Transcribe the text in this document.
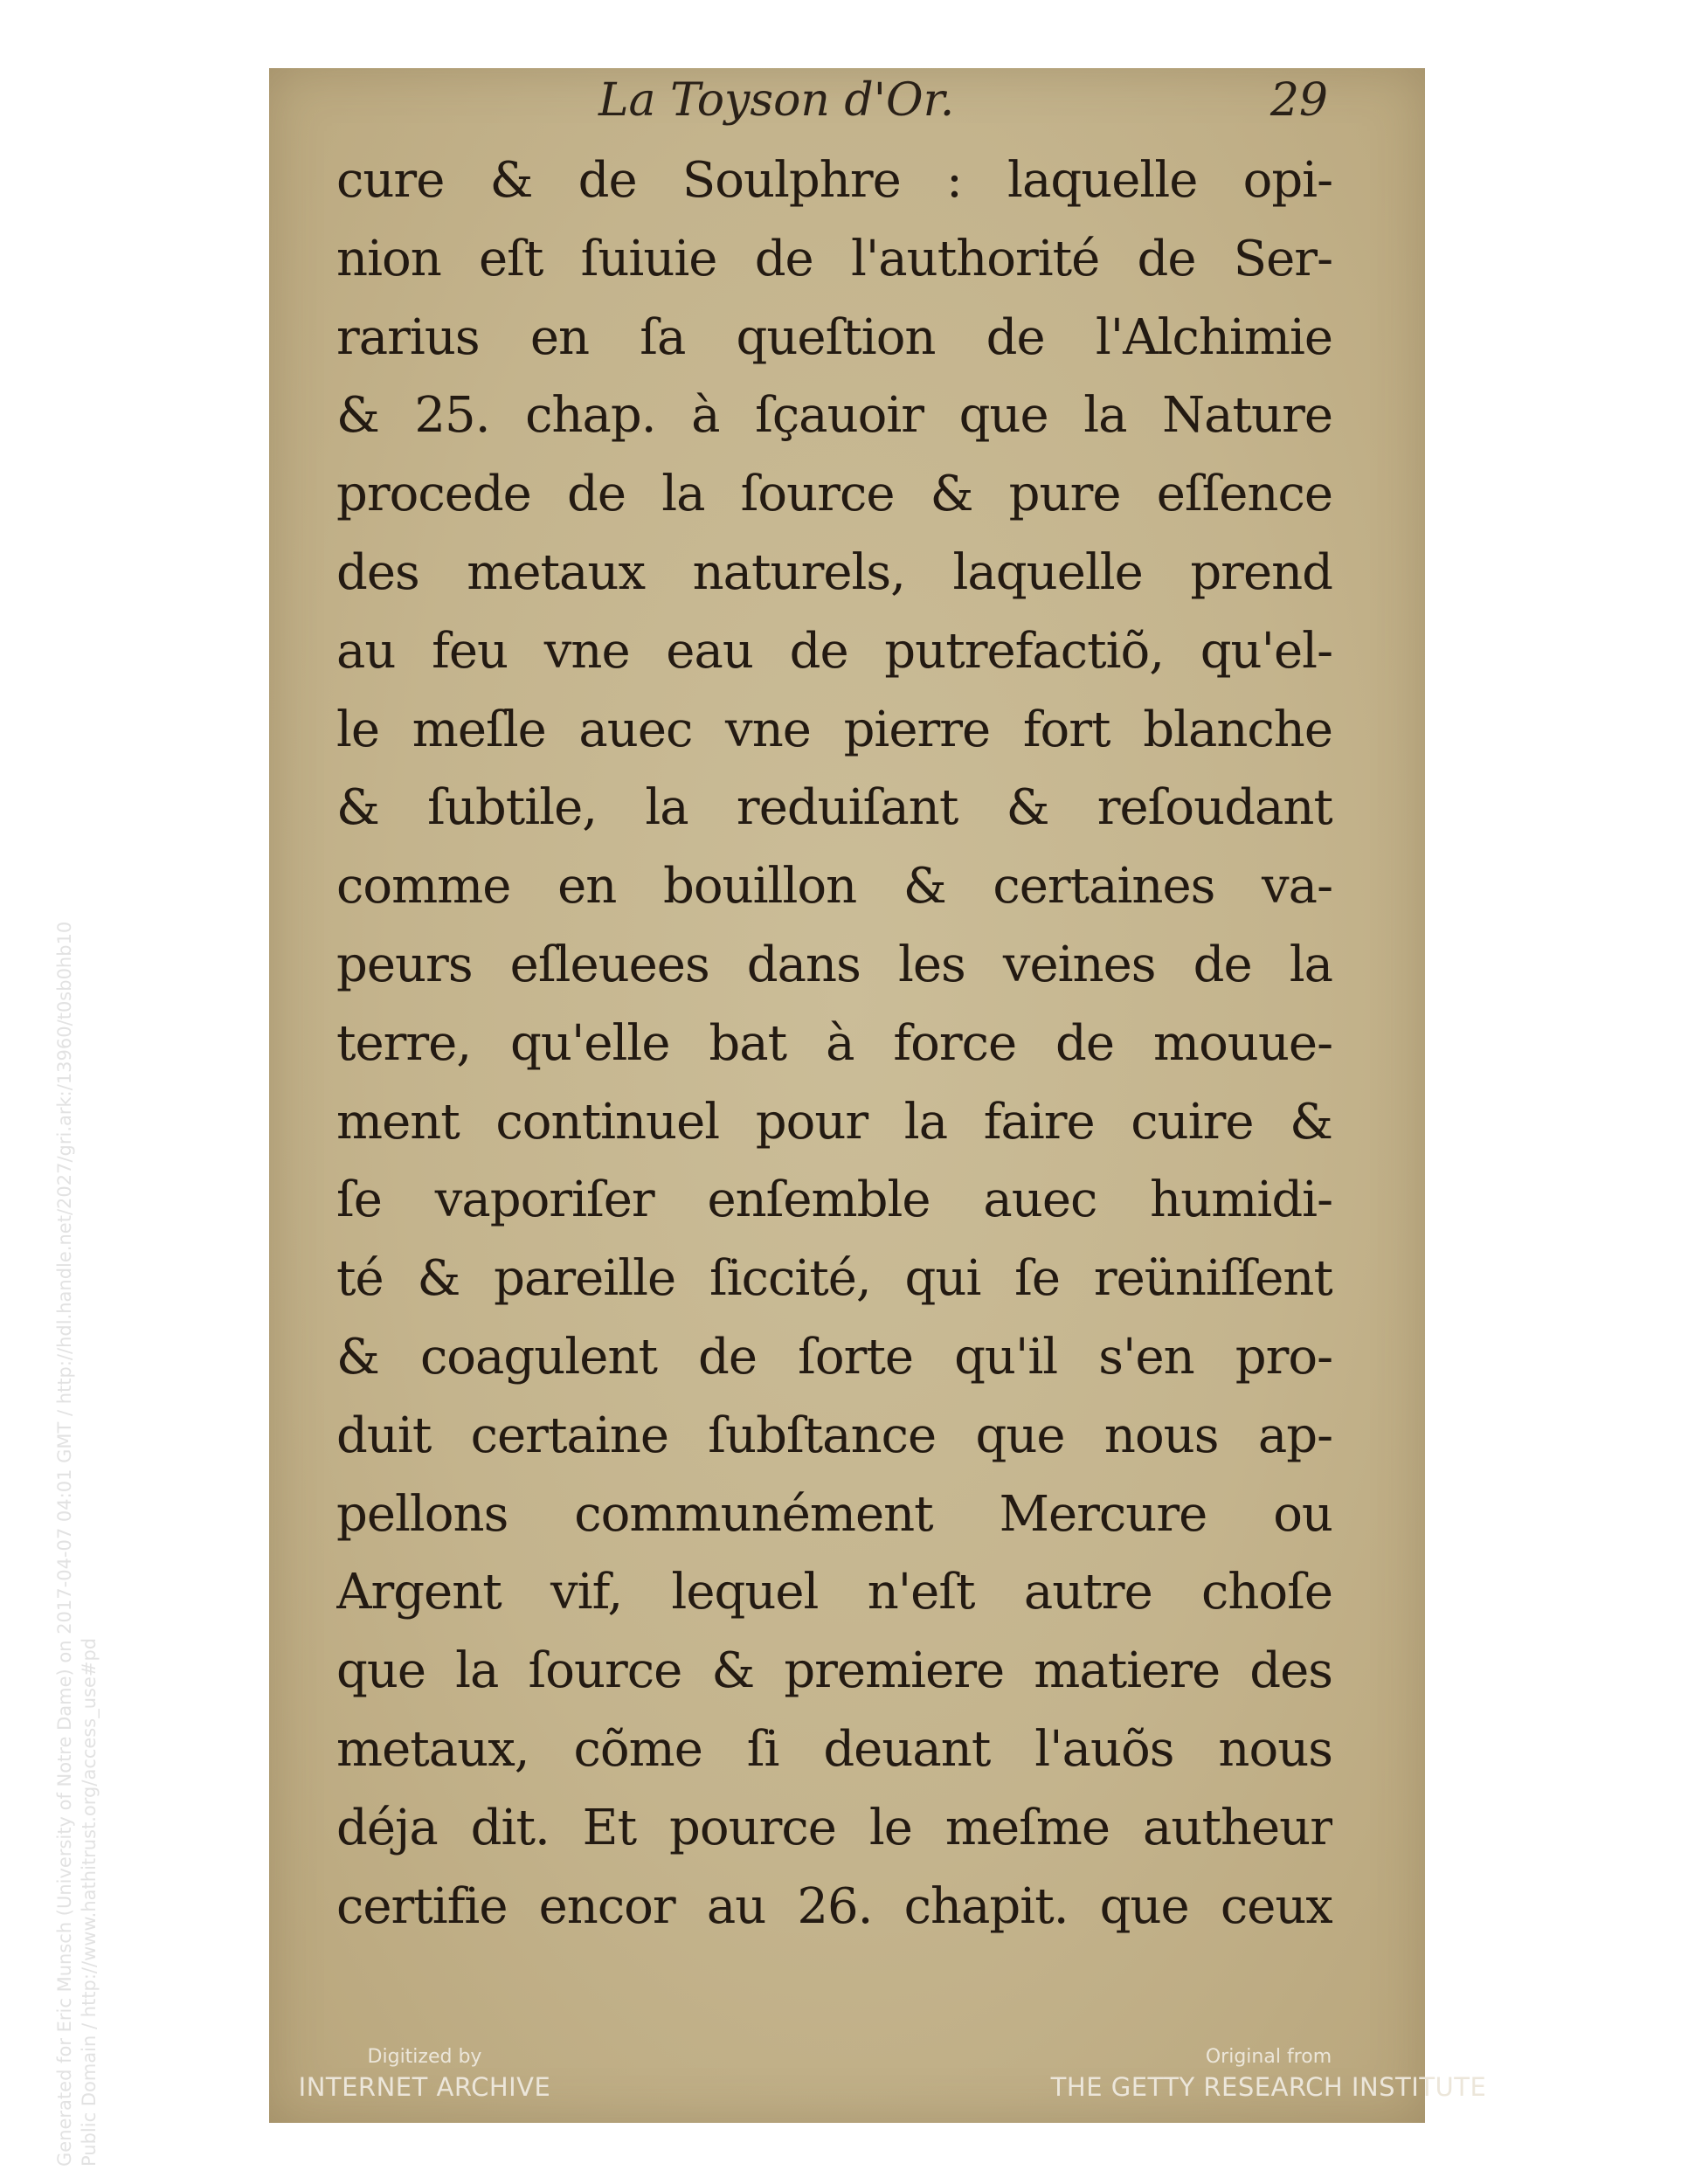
La Toyson d'Or.	29
cure & de Soulphre : laquelle opi-
nion eſt ſuiuie de l'authorité de Ser-
rarius en ſa queſtion de l'Alchimie
& 25. chap. à ſçauoir que la Nature
procede de la ſource & pure eſſence
des metaux naturels, laquelle prend
au feu vne eau de putrefactiõ, qu'el-
le meſle auec vne pierre fort blanche
& ſubtile, la reduiſant & reſoudant
comme en bouillon & certaines va-
peurs eſleuees dans les veines de la
terre, qu'elle bat à force de mouue-
ment continuel pour la faire cuire &
ſe vaporiſer enſemble auec humidi-
té & pareille ſiccité, qui ſe reüniſſent
& coagulent de ſorte qu'il s'en pro-
duit certaine ſubſtance que nous ap-
pellons communément Mercure ou
Argent vif, lequel n'eſt autre choſe
que la ſource & premiere matiere des
metaux, cõme ſi deuant l'auõs nous
déja dit. Et pource le meſme autheur
certifie encor au 26. chapit. que ceux
Generated for Eric Munsch (University of Notre Dame) on 2017-04-07 04:01 GMT / http://hdl.handle.net/2027/gri.ark:/13960/t0sb0hb10 Public Domain / http://www.hathitrust.org/access_use#pd	Digitized by
INTERNET ARCHIVE
Original from
THE GETTY RESEARCH INSTITUTE
